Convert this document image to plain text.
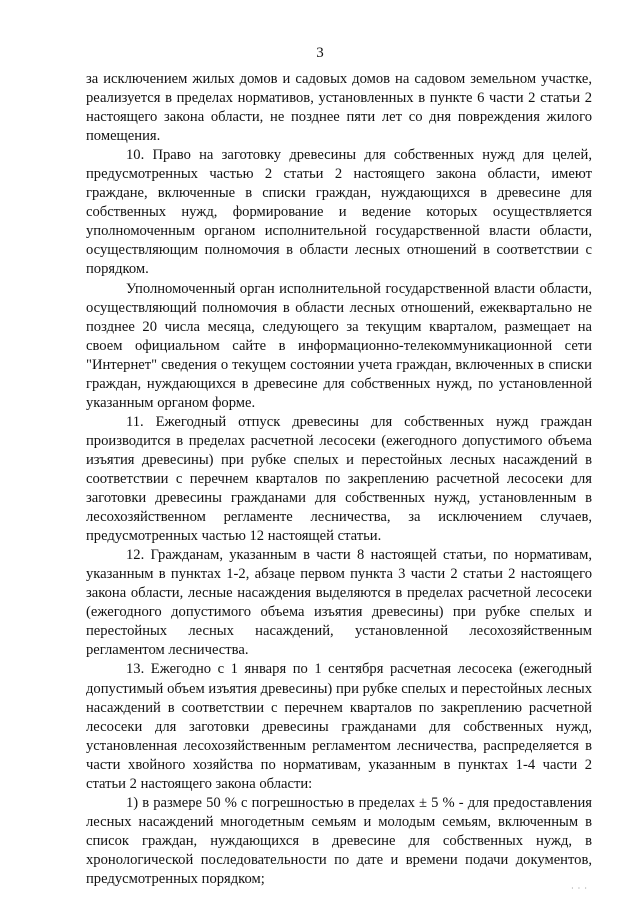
3

за исключением жилых домов и садовых домов на садовом земельном участке, реализуется в пределах нормативов, установленных в пункте 6 части 2 статьи 2 настоящего закона области, не позднее пяти лет со дня повреждения жилого помещения.

10. Право на заготовку древесины для собственных нужд для целей, предусмотренных частью 2 статьи 2 настоящего закона области, имеют граждане, включенные в списки граждан, нуждающихся в древесине для собственных нужд, формирование и ведение которых осуществляется уполномоченным органом исполнительной государственной власти области, осуществляющим полномочия в области лесных отношений в соответствии с порядком.

Уполномоченный орган исполнительной государственной власти области, осуществляющий полномочия в области лесных отношений, ежеквартально не позднее 20 числа месяца, следующего за текущим кварталом, размещает на своем официальном сайте в информационно-телекоммуникационной сети "Интернет" сведения о текущем состоянии учета граждан, включенных в списки граждан, нуждающихся в древесине для собственных нужд, по установленной указанным органом форме.

11. Ежегодный отпуск древесины для собственных нужд граждан производится в пределах расчетной лесосеки (ежегодного допустимого объема изъятия древесины) при рубке спелых и перестойных лесных насаждений в соответствии с перечнем кварталов по закреплению расчетной лесосеки для заготовки древесины гражданами для собственных нужд, установленным в лесохозяйственном регламенте лесничества, за исключением случаев, предусмотренных частью 12 настоящей статьи.

12. Гражданам, указанным в части 8 настоящей статьи, по нормативам, указанным в пунктах 1-2, абзаце первом пункта 3 части 2 статьи 2 настоящего закона области, лесные насаждения выделяются в пределах расчетной лесосеки (ежегодного допустимого объема изъятия древесины) при рубке спелых и перестойных лесных насаждений, установленной лесохозяйственным регламентом лесничества.

13. Ежегодно с 1 января по 1 сентября расчетная лесосека (ежегодный допустимый объем изъятия древесины) при рубке спелых и перестойных лесных насаждений в соответствии с перечнем кварталов по закреплению расчетной лесосеки для заготовки древесины гражданами для собственных нужд, установленная лесохозяйственным регламентом лесничества, распределяется в части хвойного хозяйства по нормативам, указанным в пунктах 1-4 части 2 статьи 2 настоящего закона области:

1) в размере 50 % с погрешностью в пределах ± 5 % - для предоставления лесных насаждений многодетным семьям и молодым семьям, включенным в список граждан, нуждающихся в древесине для собственных нужд, в хронологической последовательности по дате и времени подачи документов, предусмотренных порядком;

· · ·
